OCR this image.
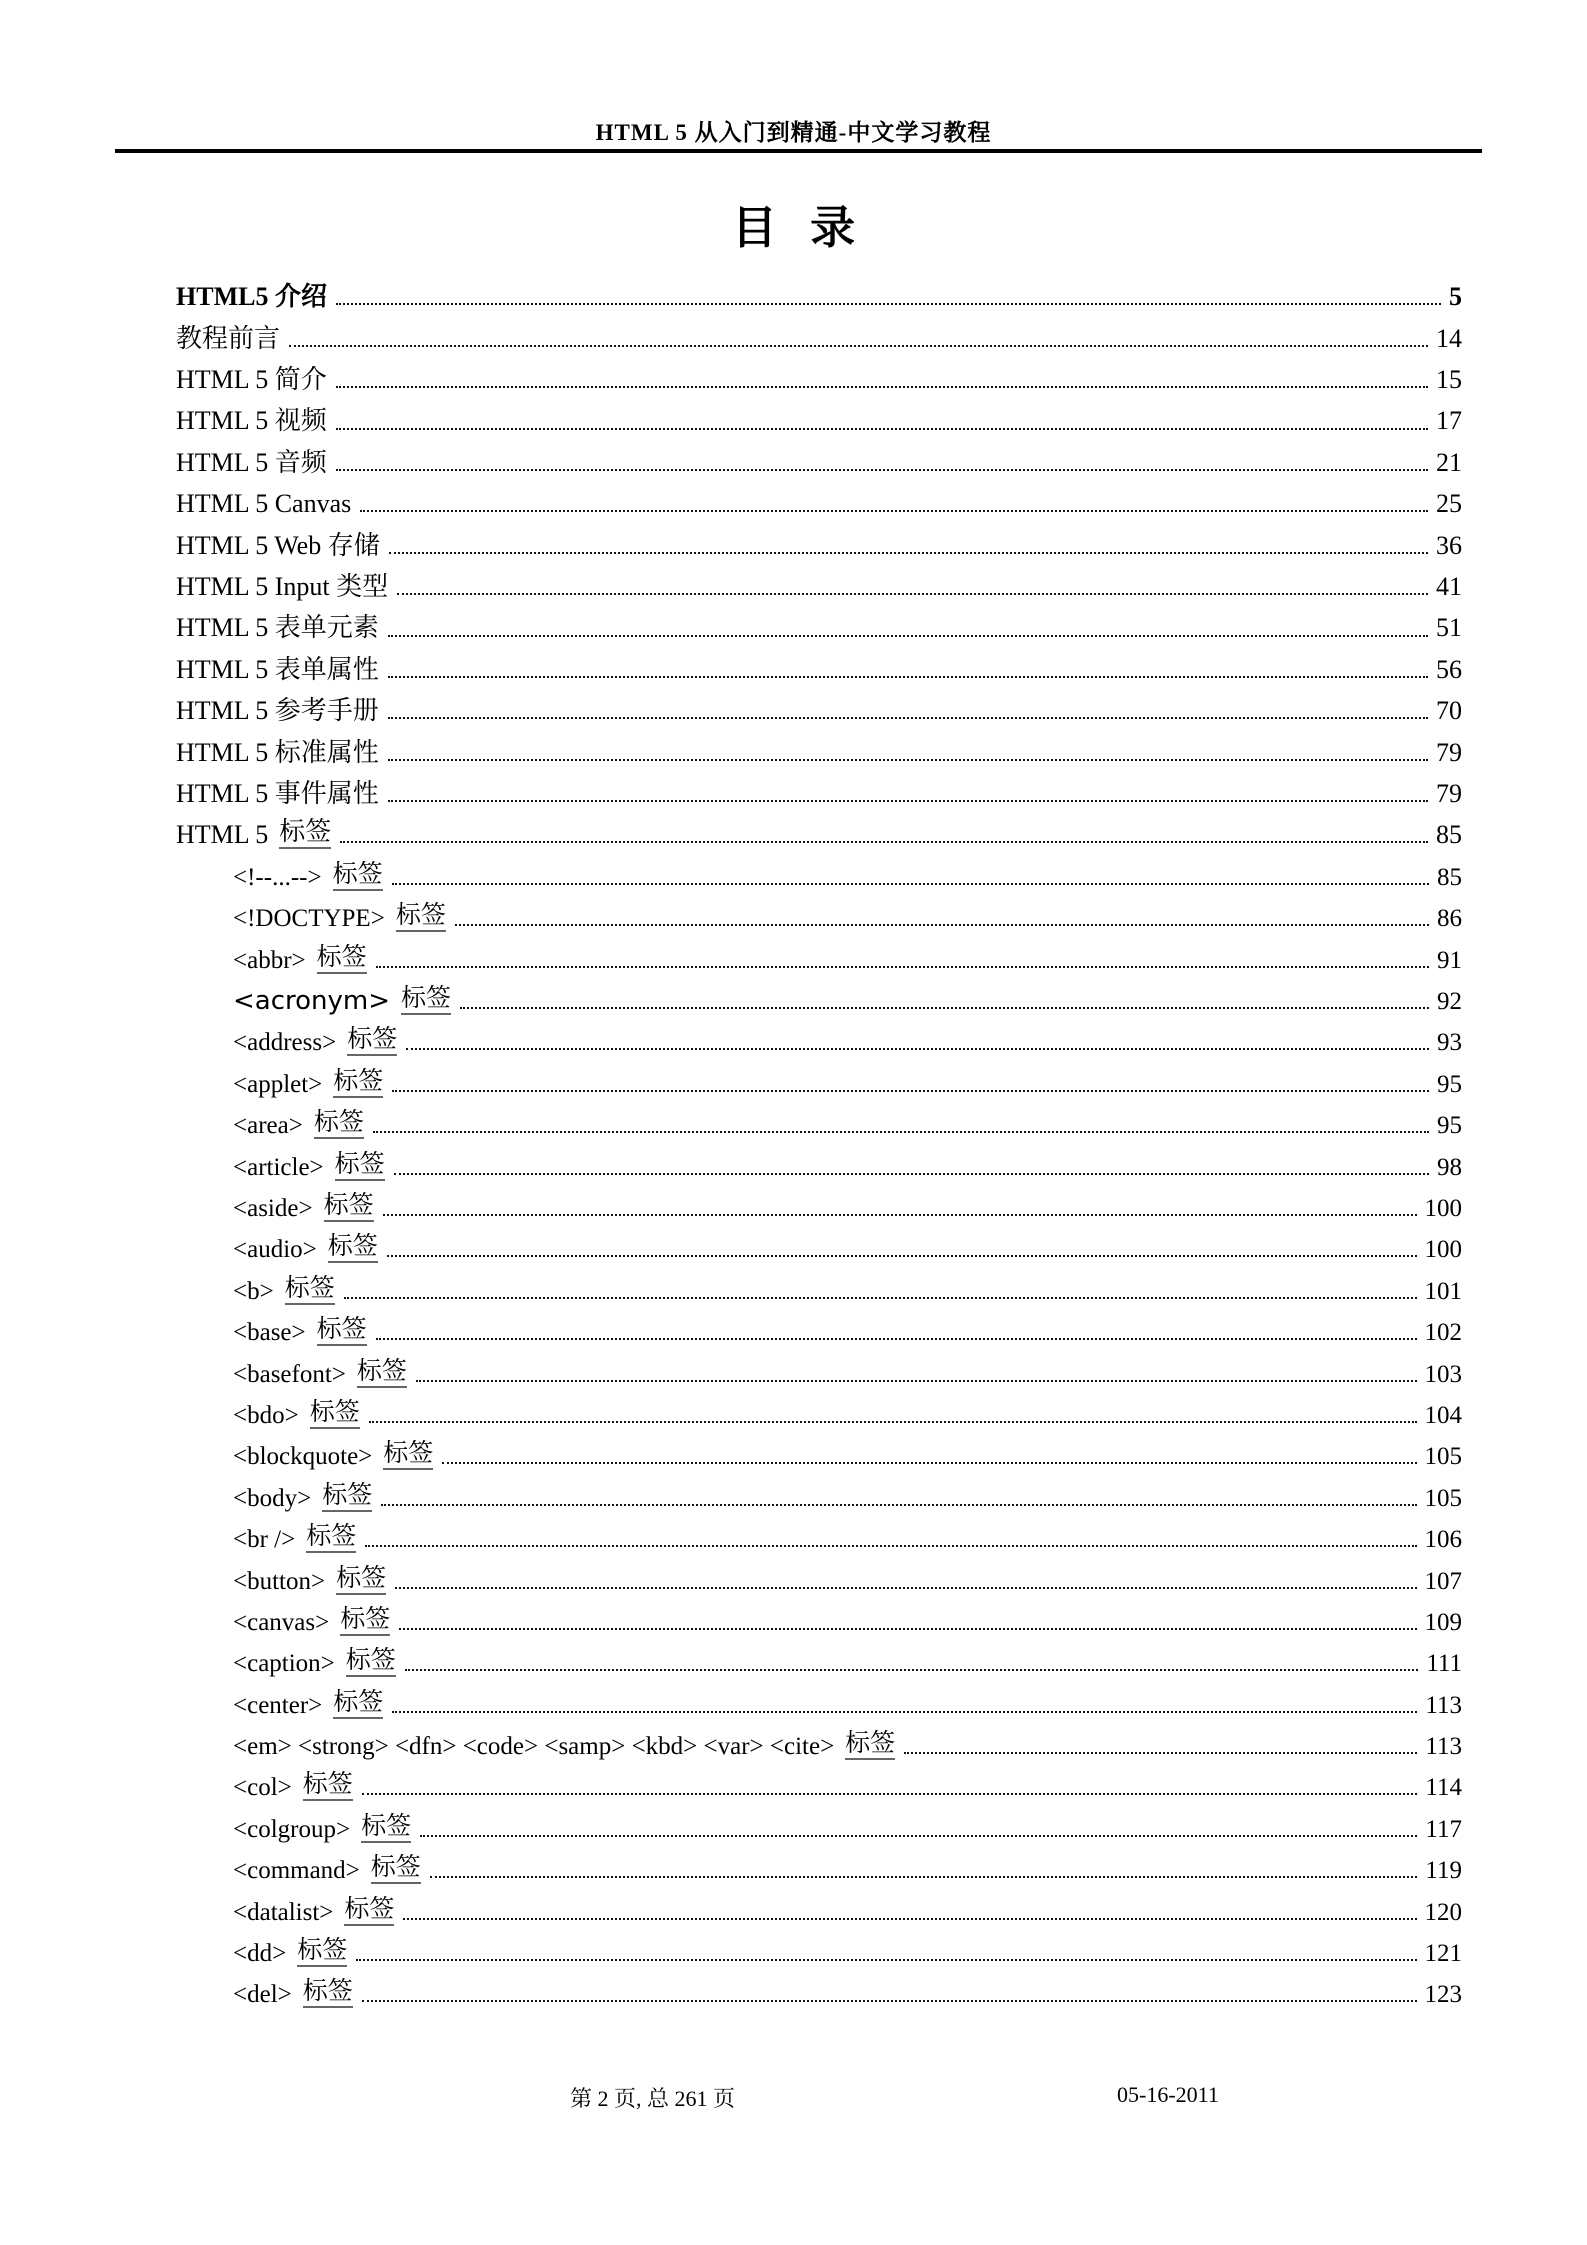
HTML 5 从入门到精通-中文学习教程
目 录
HTML5 介绍	5
教程前言	14
HTML 5 简介	15
HTML 5 视频	17
HTML 5 音频	21
HTML 5 Canvas	25
HTML 5 Web 存储	36
HTML 5 Input 类型	41
HTML 5 表单元素	51
HTML 5 表单属性	56
HTML 5 参考手册	70
HTML 5 标准属性	79
HTML 5 事件属性	79
HTML 5 标签	85
<!--...--> 标签	85
<!DOCTYPE> 标签	86
<abbr> 标签	91
<acronym> 标签	92
<address> 标签	93
<applet> 标签	95
<area> 标签	95
<article> 标签	98
<aside> 标签	100
<audio> 标签	100
<b> 标签	101
<base> 标签	102
<basefont> 标签	103
<bdo> 标签	104
<blockquote> 标签	105
<body> 标签	105
<br /> 标签	106
<button> 标签	107
<canvas> 标签	109
<caption> 标签	111
<center> 标签	113
<em> <strong> <dfn> <code> <samp> <kbd> <var> <cite> 标签	113
<col> 标签	114
<colgroup> 标签	117
<command> 标签	119
<datalist> 标签	120
<dd> 标签	121
<del> 标签	123
第 2 页, 总 261 页	05-16-2011
